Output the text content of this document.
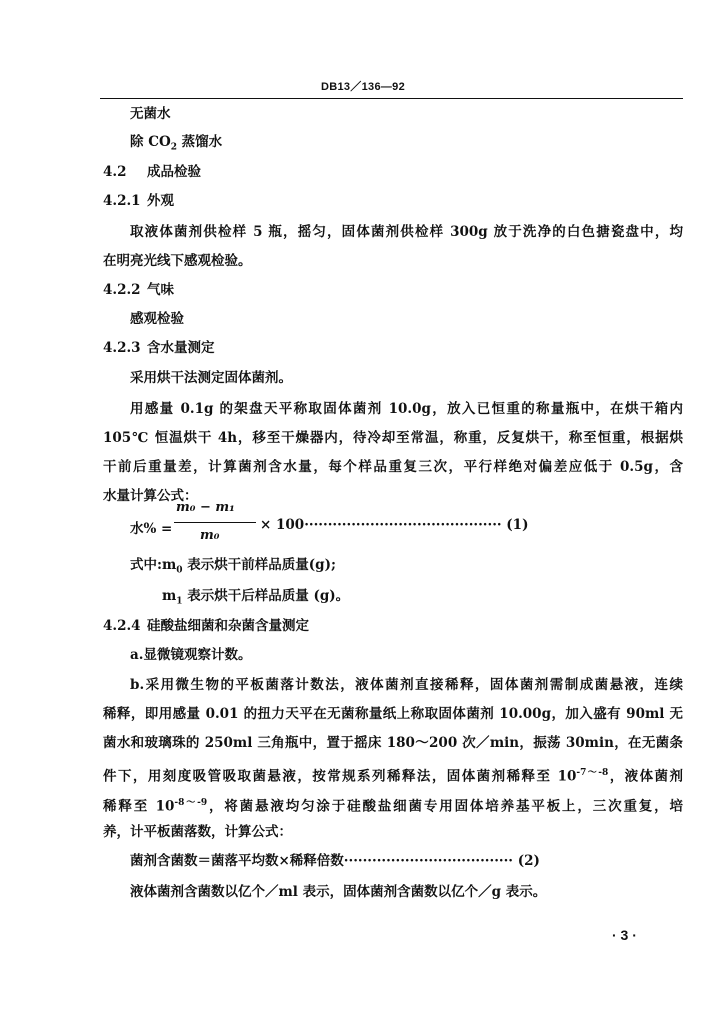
DB13／136—92
无菌水
除 $CO_2$ 蒸馏水
4.2 成品检验
4.2.1 外观
取液体菌剂供检样 5 瓶，摇匀，固体菌剂供检样 300g 放于洗净的白色搪瓷盘中，均
在明亮光线下感观检验。
4.2.2 气味
感观检验
4.2.3 含水量测定
采用烘干法测定固体菌剂。
用感量 0.1g 的架盘天平称取固体菌剂 10.0g，放入已恒重的称量瓶中，在烘干箱内
105℃ 恒温烘干 4h，移至干燥器内，待冷却至常温，称重，反复烘干，称至恒重，根据烘
干前后重量差，计算菌剂含水量，每个样品重复三次，平行样绝对偏差应低于 0.5g，含
水量计算公式：
水% =
m₀ − m₁
m₀
× 100·········································· (1)
式中$:m_0$ 表示烘干前样品质量(g);
$m_1$ 表示烘干后样品质量 (g)。
4.2.4 硅酸盐细菌和杂菌含量测定
a.显微镜观察计数。
b.采用微生物的平板菌落计数法，液体菌剂直接稀释，固体菌剂需制成菌悬液，连续
稀释，即用感量 0.01 的扭力天平在无菌称量纸上称取固体菌剂 10.00g，加入盛有 90ml 无
菌水和玻璃珠的 250ml 三角瓶中，置于摇床 180～200 次／min，振荡 30min，在无菌条
件下，用刻度吸管吸取菌悬液，按常规系列稀释法，固体菌剂稀释至 $10^{-7\sim-8}$，液体菌剂
稀释至 $10^{-8\sim-9}$，将菌悬液均匀涂于硅酸盐细菌专用固体培养基平板上，三次重复，培
养，计平板菌落数，计算公式：
菌剂含菌数＝菌落平均数×稀释倍数···································· (2)
液体菌剂含菌数以亿个／ml 表示，固体菌剂含菌数以亿个／g 表示。
· 3 ·
